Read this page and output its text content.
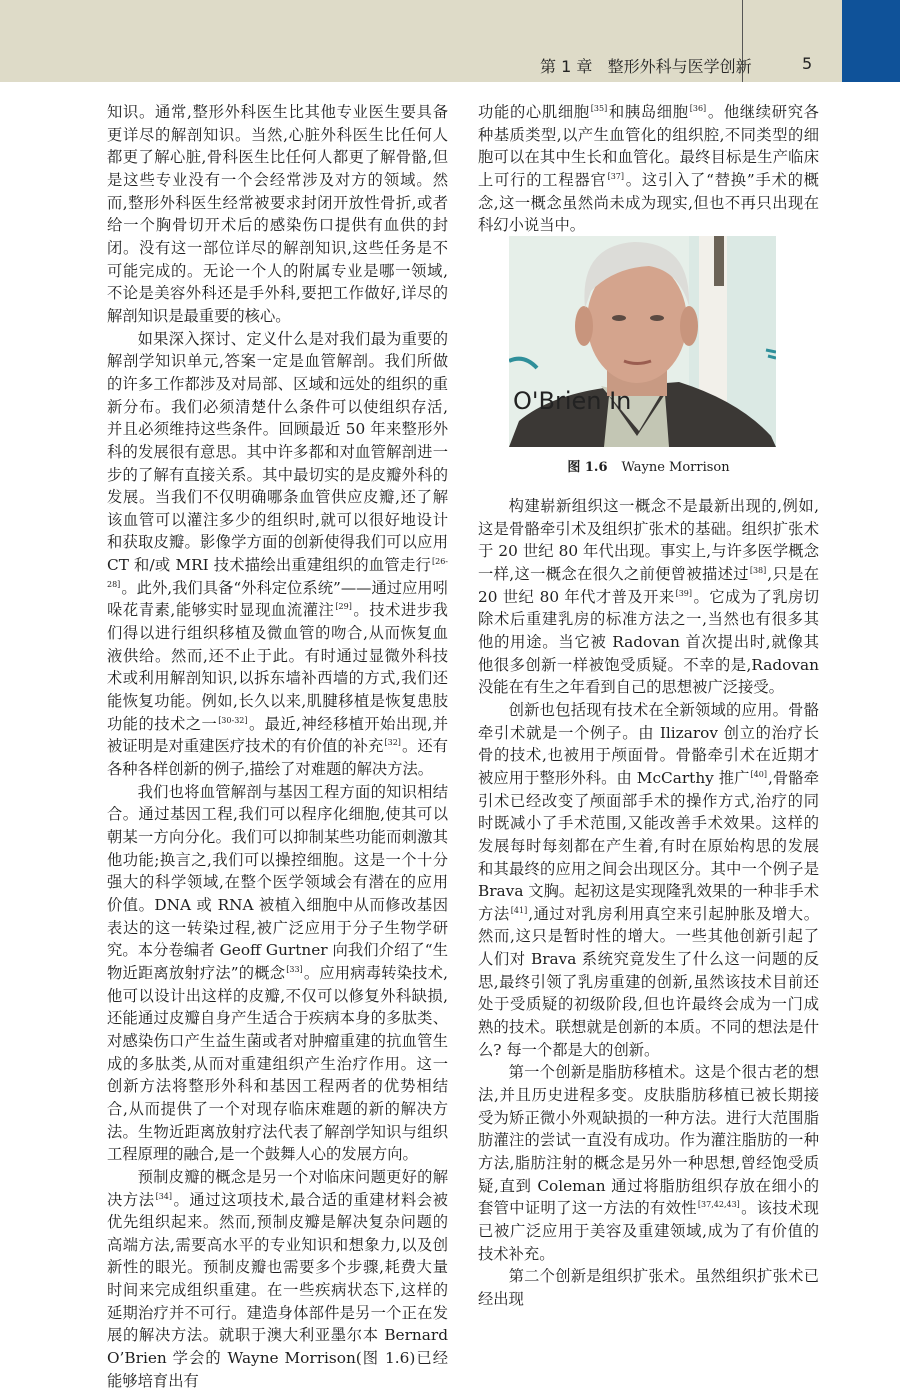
第 1 章   整形外科与医学创新	5

知识。通常,整形外科医生比其他专业医生要具备更详尽的解剖知识。当然,心脏外科医生比任何人都更了解心脏,骨科医生比任何人都更了解骨骼,但是这些专业没有一个会经常涉及对方的领域。然而,整形外科医生经常被要求封闭开放性骨折,或者给一个胸骨切开术后的感染伤口提供有血供的封闭。没有这一部位详尽的解剖知识,这些任务是不可能完成的。无论一个人的附属专业是哪一领域,不论是美容外科还是手外科,要把工作做好,详尽的解剖知识是最重要的核心。

如果深入探讨、定义什么是对我们最为重要的解剖学知识单元,答案一定是血管解剖。我们所做的许多工作都涉及对局部、区域和远处的组织的重新分布。我们必须清楚什么条件可以使组织存活,并且必须维持这些条件。回顾最近 50 年来整形外科的发展很有意思。其中许多都和对血管解剖进一步的了解有直接关系。其中最切实的是皮瓣外科的发展。当我们不仅明确哪条血管供应皮瓣,还了解该血管可以灌注多少的组织时,就可以很好地设计和获取皮瓣。影像学方面的创新使得我们可以应用 CT 和/或 MRI 技术描绘出重建组织的血管走行[26-28]。此外,我们具备“外科定位系统”——通过应用吲哚花青素,能够实时显现血流灌注[29]。技术进步我们得以进行组织移植及微血管的吻合,从而恢复血液供给。然而,还不止于此。有时通过显微外科技术或利用解剖知识,以拆东墙补西墙的方式,我们还能恢复功能。例如,长久以来,肌腱移植是恢复患肢功能的技术之一[30-32]。最近,神经移植开始出现,并被证明是对重建医疗技术的有价值的补充[32]。还有各种各样创新的例子,描绘了对难题的解决方法。

我们也将血管解剖与基因工程方面的知识相结合。通过基因工程,我们可以程序化细胞,使其可以朝某一方向分化。我们可以抑制某些功能而刺激其他功能;换言之,我们可以操控细胞。这是一个十分强大的科学领域,在整个医学领域会有潜在的应用价值。DNA 或 RNA 被植入细胞中从而修改基因表达的这一转染过程,被广泛应用于分子生物学研究。本分卷编者 Geoff Gurtner 向我们介绍了“生物近距离放射疗法”的概念[33]。应用病毒转染技术,他可以设计出这样的皮瓣,不仅可以修复外科缺损,还能通过皮瓣自身产生适合于疾病本身的多肽类、对感染伤口产生益生菌或者对肿瘤重建的抗血管生成的多肽类,从而对重建组织产生治疗作用。这一创新方法将整形外科和基因工程两者的优势相结合,从而提供了一个对现存临床难题的新的解决方法。生物近距离放射疗法代表了解剖学知识与组织工程原理的融合,是一个鼓舞人心的发展方向。

预制皮瓣的概念是另一个对临床问题更好的解决方法[34]。通过这项技术,最合适的重建材料会被优先组织起来。然而,预制皮瓣是解决复杂问题的高端方法,需要高水平的专业知识和想象力,以及创新性的眼光。预制皮瓣也需要多个步骤,耗费大量时间来完成组织重建。在一些疾病状态下,这样的延期治疗并不可行。建造身体部件是另一个正在发展的解决方法。就职于澳大利亚墨尔本 Bernard O’Brien 学会的 Wayne Morrison(图 1.6)已经能够培育出有

功能的心肌细胞[35]和胰岛细胞[36]。他继续研究各种基质类型,以产生血管化的组织腔,不同类型的细胞可以在其中生长和血管化。最终目标是生产临床上可行的工程器官[37]。这引入了“替换”手术的概念,这一概念虽然尚未成为现实,但也不再只出现在科幻小说当中。

O'Brien In
图 1.6 Wayne Morrison

构建崭新组织这一概念不是最新出现的,例如,这是骨骼牵引术及组织扩张术的基础。组织扩张术于 20 世纪 80 年代出现。事实上,与许多医学概念一样,这一概念在很久之前便曾被描述过[38],只是在 20 世纪 80 年代才普及开来[39]。它成为了乳房切除术后重建乳房的标准方法之一,当然也有很多其他的用途。当它被 Radovan 首次提出时,就像其他很多创新一样被饱受质疑。不幸的是,Radovan 没能在有生之年看到自己的思想被广泛接受。

创新也包括现有技术在全新领域的应用。骨骼牵引术就是一个例子。由 Ilizarov 创立的治疗长骨的技术,也被用于颅面骨。骨骼牵引术在近期才被应用于整形外科。由 McCarthy 推广[40],骨骼牵引术已经改变了颅面部手术的操作方式,治疗的同时既减小了手术范围,又能改善手术效果。这样的发展每时每刻都在产生着,有时在原始构思的发展和其最终的应用之间会出现区分。其中一个例子是 Brava 文胸。起初这是实现隆乳效果的一种非手术方法[41],通过对乳房利用真空来引起肿胀及增大。然而,这只是暂时性的增大。一些其他创新引起了人们对 Brava 系统究竟发生了什么这一问题的反思,最终引领了乳房重建的创新,虽然该技术目前还处于受质疑的初级阶段,但也许最终会成为一门成熟的技术。联想就是创新的本质。不同的想法是什么? 每一个都是大的创新。

第一个创新是脂肪移植术。这是个很古老的想法,并且历史进程多变。皮肤脂肪移植已被长期接受为矫正微小外观缺损的一种方法。进行大范围脂肪灌注的尝试一直没有成功。作为灌注脂肪的一种方法,脂肪注射的概念是另外一种思想,曾经饱受质疑,直到 Coleman 通过将脂肪组织存放在细小的套管中证明了这一方法的有效性[37,42,43]。该技术现已被广泛应用于美容及重建领域,成为了有价值的技术补充。

第二个创新是组织扩张术。虽然组织扩张术已经出现
